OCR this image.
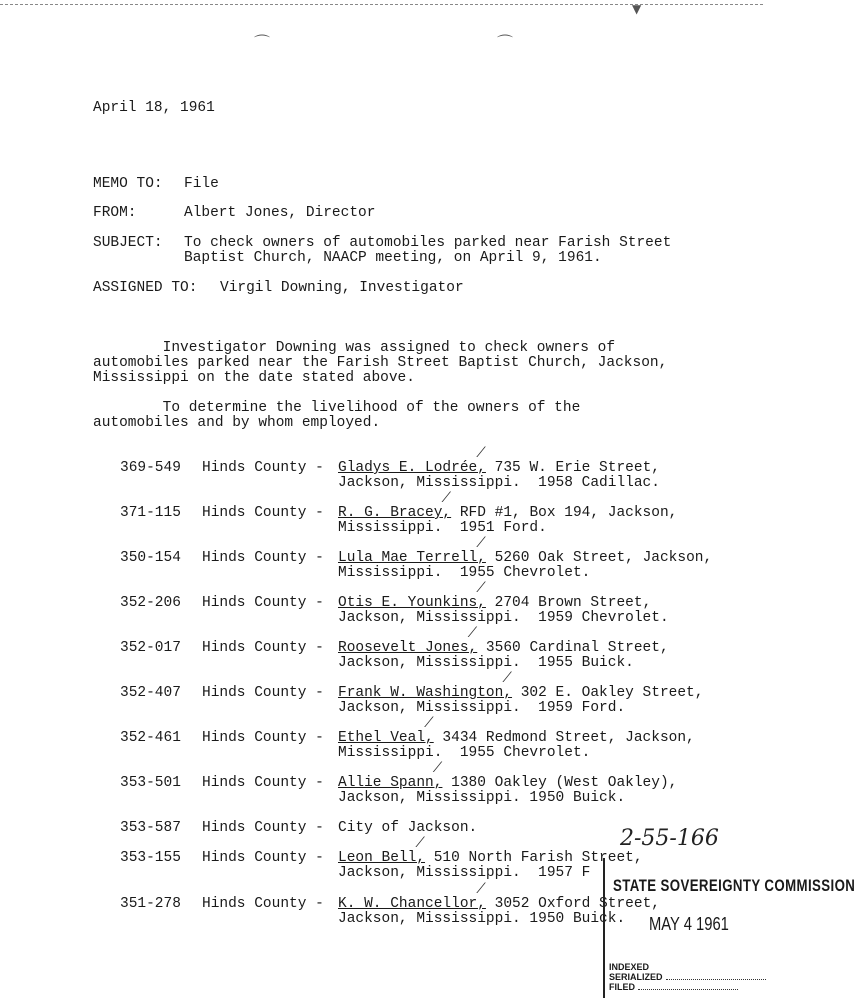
⌒	⌒
▼
April 18, 1961
MEMO TO: File
FROM:	Albert Jones, Director
SUBJECT: To check owners of automobiles parked near Farish Street
Baptist Church, NAACP meeting, on April 9, 1961.
ASSIGNED TO: Virgil Downing, Investigator
Investigator Downing was assigned to check owners of
automobiles parked near the Farish Street Baptist Church, Jackson,
Mississippi on the date stated above.
To determine the livelihood of the owners of the
automobiles and by whom employed.
369-549 Hinds County - Gladys E. Lodrée, 735 W. Erie Street,
Jackson, Mississippi.  1958 Cadillac.
⁄
371-115 Hinds County - R. G. Bracey, RFD #1, Box 194, Jackson,
Mississippi.  1951 Ford.
⁄
350-154 Hinds County - Lula Mae Terrell, 5260 Oak Street, Jackson,
Mississippi.  1955 Chevrolet.
⁄
352-206 Hinds County - Otis E. Younkins, 2704 Brown Street,
Jackson, Mississippi.  1959 Chevrolet.
⁄
352-017 Hinds County - Roosevelt Jones, 3560 Cardinal Street,
Jackson, Mississippi.  1955 Buick.
⁄
352-407 Hinds County - Frank W. Washington, 302 E. Oakley Street,
Jackson, Mississippi.  1959 Ford.
⁄
352-461 Hinds County - Ethel Veal, 3434 Redmond Street, Jackson,
Mississippi.  1955 Chevrolet.
⁄
353-501 Hinds County - Allie Spann, 1380 Oakley (West Oakley),
Jackson, Mississippi. 1950 Buick.
⁄
353-587 Hinds County - City of Jackson.
353-155 Hinds County - Leon Bell, 510 North Farish Street,
Jackson, Mississippi.  1957 F
⁄
351-278 Hinds County - K. W. Chancellor, 3052 Oxford Street,
Jackson, Mississippi. 1950 Buick.
⁄
2-55-166
STATE SOVEREIGNTY COMMISSION
MAY 4 1961
INDEXED
SERIALIZED
FILED
